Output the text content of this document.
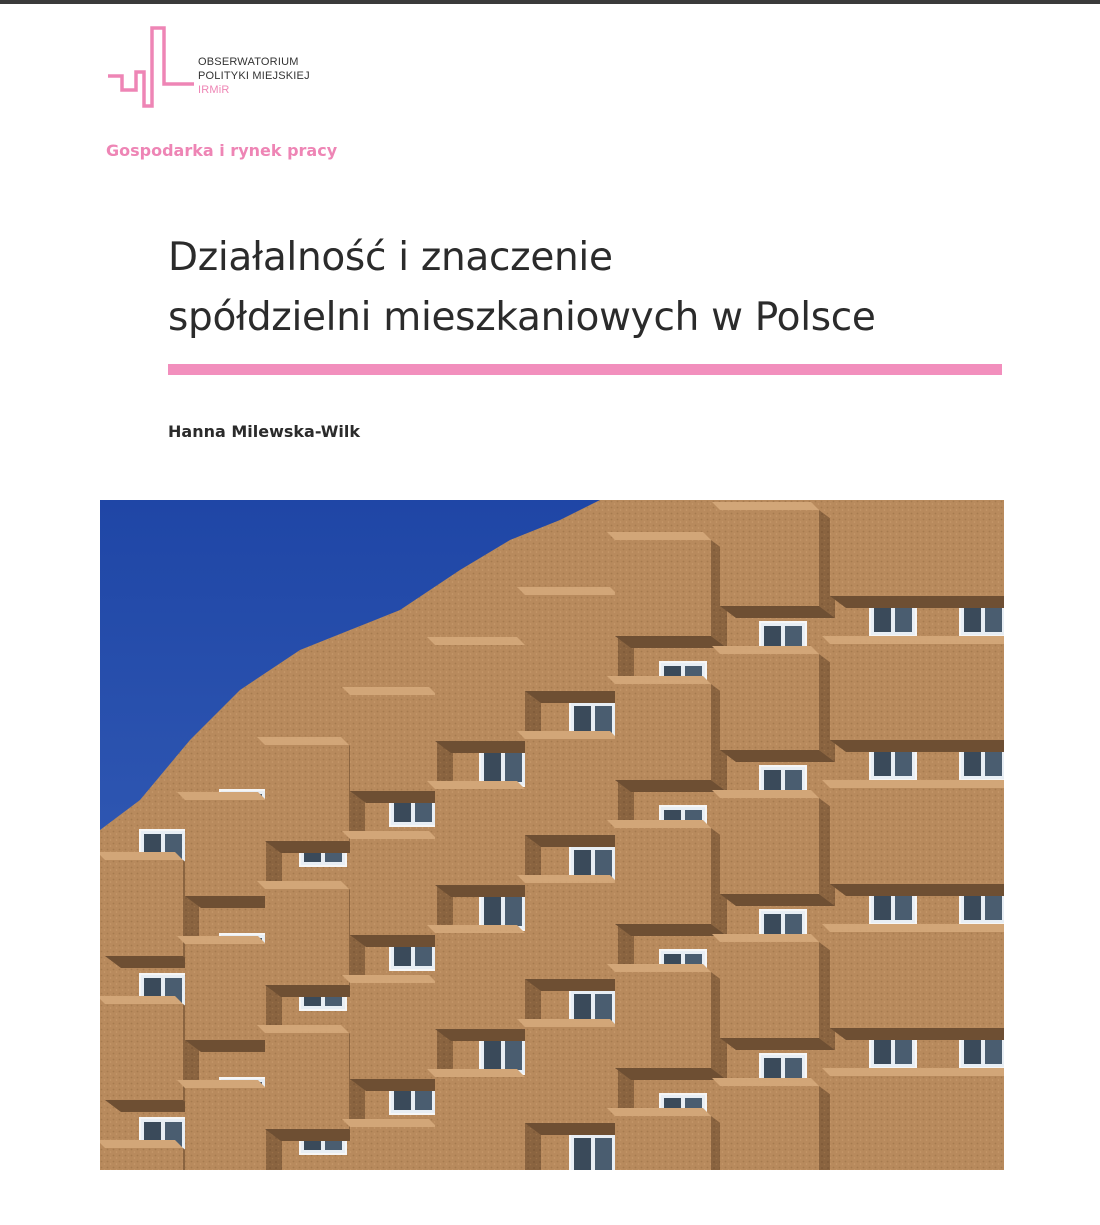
OBSERWATORIUM
POLITYKI MIEJSKIEJ
IRMiR
Gospodarka i rynek pracy
Działalność i znaczenie
spółdzielni mieszkaniowych w Polsce
Hanna Milewska-Wilk
